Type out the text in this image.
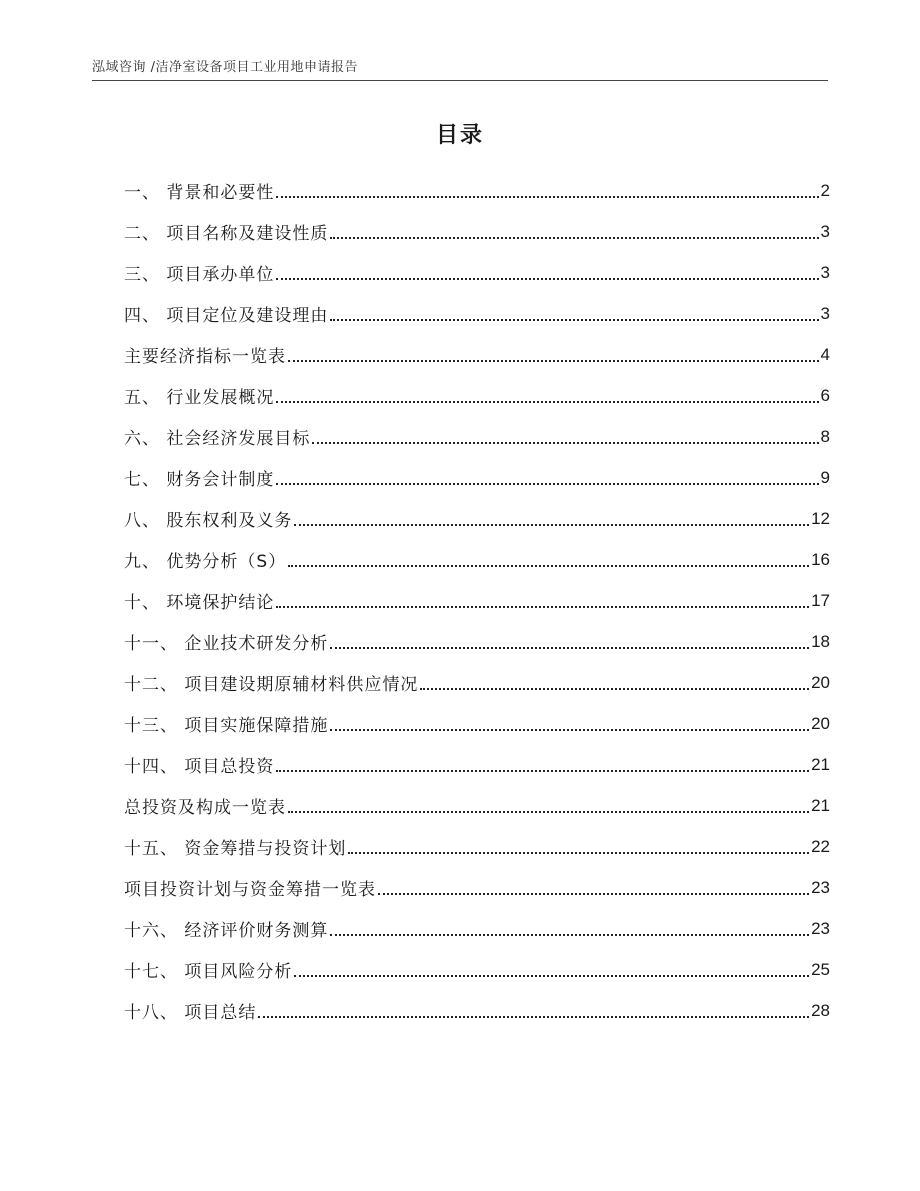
泓域咨询 /洁净室设备项目工业用地申请报告
目录
一、 背景和必要性	2
二、 项目名称及建设性质	3
三、 项目承办单位	3
四、 项目定位及建设理由	3
主要经济指标一览表	4
五、 行业发展概况	6
六、 社会经济发展目标	8
七、 财务会计制度	9
八、 股东权利及义务	12
九、 优势分析（S）	16
十、 环境保护结论	17
十一、 企业技术研发分析	18
十二、 项目建设期原辅材料供应情况	20
十三、 项目实施保障措施	20
十四、 项目总投资	21
总投资及构成一览表	21
十五、 资金筹措与投资计划	22
项目投资计划与资金筹措一览表	23
十六、 经济评价财务测算	23
十七、 项目风险分析	25
十八、 项目总结	28
